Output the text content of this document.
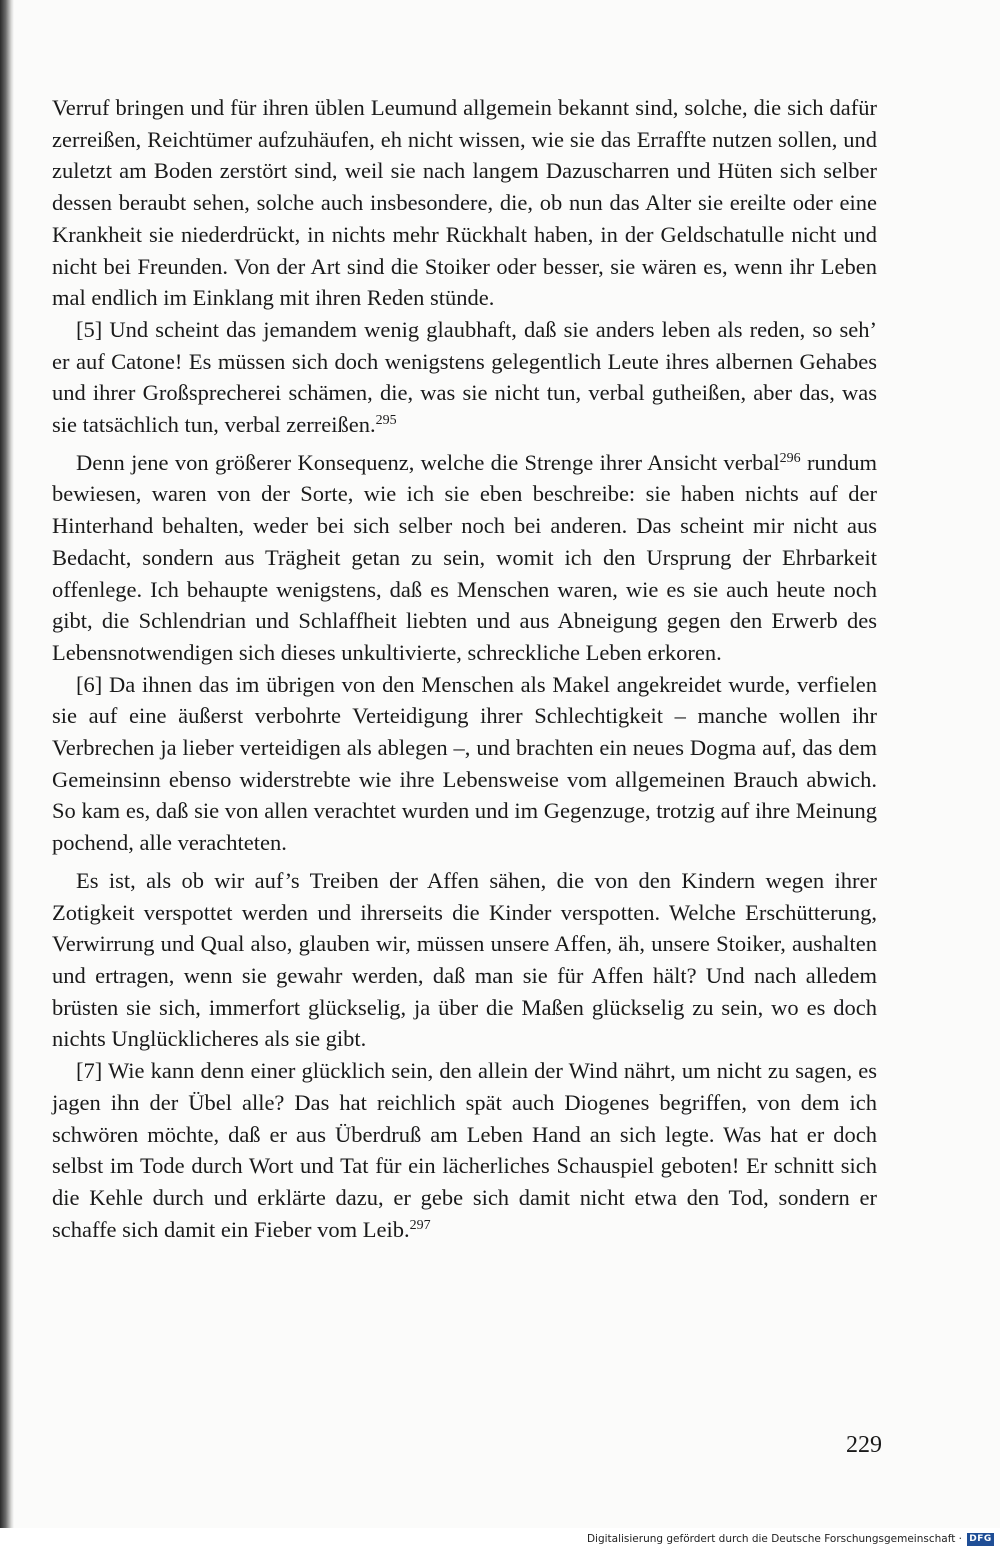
Verruf bringen und für ihren üblen Leumund allgemein bekannt sind, solche, die sich dafür zerreißen, Reichtümer aufzuhäufen, eh nicht wissen, wie sie das Erraffte nutzen sollen, und zuletzt am Boden zerstört sind, weil sie nach langem Dazuscharren und Hüten sich selber dessen beraubt sehen, solche auch insbesondere, die, ob nun das Alter sie ereilte oder eine Krankheit sie niederdrückt, in nichts mehr Rückhalt haben, in der Geldschatulle nicht und nicht bei Freunden. Von der Art sind die Stoiker oder besser, sie wären es, wenn ihr Leben mal endlich im Einklang mit ihren Reden stünde.

[5] Und scheint das jemandem wenig glaubhaft, daß sie anders leben als reden, so seh’ er auf Catone! Es müssen sich doch wenigstens gelegentlich Leute ihres albernen Gehabes und ihrer Großsprecherei schämen, die, was sie nicht tun, verbal gutheißen, aber das, was sie tatsächlich tun, verbal zerreißen.$^{295}$

Denn jene von größerer Konsequenz, welche die Strenge ihrer Ansicht verbal$^{296}$ rundum bewiesen, waren von der Sorte, wie ich sie eben beschreibe: sie haben nichts auf der Hinterhand behalten, weder bei sich selber noch bei anderen. Das scheint mir nicht aus Bedacht, sondern aus Trägheit getan zu sein, womit ich den Ursprung der Ehrbarkeit offenlege. Ich behaupte wenigstens, daß es Menschen waren, wie es sie auch heute noch gibt, die Schlendrian und Schlaffheit liebten und aus Abneigung gegen den Erwerb des Lebensnotwendigen sich dieses unkultivierte, schreckliche Leben erkoren.

[6] Da ihnen das im übrigen von den Menschen als Makel angekreidet wurde, verfielen sie auf eine äußerst verbohrte Verteidigung ihrer Schlechtigkeit – manche wollen ihr Verbrechen ja lieber verteidigen als ablegen –, und brachten ein neues Dogma auf, das dem Gemeinsinn ebenso widerstrebte wie ihre Lebensweise vom allgemeinen Brauch abwich. So kam es, daß sie von allen verachtet wurden und im Gegenzuge, trotzig auf ihre Meinung pochend, alle verachteten.

Es ist, als ob wir auf’s Treiben der Affen sähen, die von den Kindern wegen ihrer Zotigkeit verspottet werden und ihrerseits die Kinder verspotten. Welche Erschütterung, Verwirrung und Qual also, glauben wir, müssen unsere Affen, äh, unsere Stoiker, aushalten und ertragen, wenn sie gewahr werden, daß man sie für Affen hält? Und nach alledem brüsten sie sich, immerfort glückselig, ja über die Maßen glückselig zu sein, wo es doch nichts Unglücklicheres als sie gibt.

[7] Wie kann denn einer glücklich sein, den allein der Wind nährt, um nicht zu sagen, es jagen ihn der Übel alle? Das hat reichlich spät auch Diogenes begriffen, von dem ich schwören möchte, daß er aus Überdruß am Leben Hand an sich legte. Was hat er doch selbst im Tode durch Wort und Tat für ein lächerliches Schauspiel geboten! Er schnitt sich die Kehle durch und erklärte dazu, er gebe sich damit nicht etwa den Tod, sondern er schaffe sich damit ein Fieber vom Leib.$^{297}$

229
Digitalisierung gefördert durch die Deutsche Forschungsgemeinschaft · DFG
